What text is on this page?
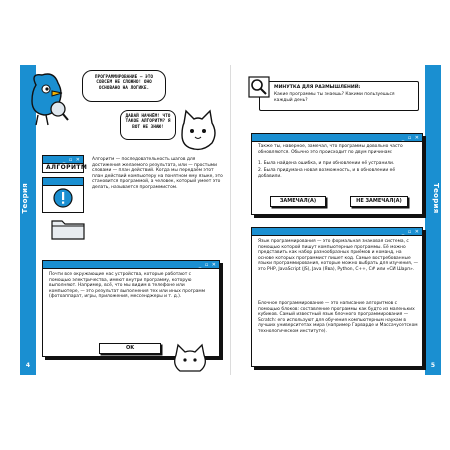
Теория
4
ПРОГРАММИРОВАНИЕ — ЭТО СОВСЕМ НЕ СЛОЖНО! ОНО ОСНОВАНО НА ЛОГИКЕ.
ДАВАЙ НАЧНЁМ! ЧТО ТАКОЕ АЛГОРИТМ? Я ВОТ НЕ ЗНАЮ!
_ ▫ ✕
АЛГОРИТМ
Алгоритм — последовательность шагов для достижения желаемого результата, или — простыми словами — план действий. Когда мы передаём этот план действий компьютеру на понятном ему языке, это становится программой, а человек, который умеет это делать, называется программистом.
_ ▫ ✕
Почти все окружающие нас устройства, которые работают с помощью электричества, имеют внутри программу, которую выполняют. Например, всё, что мы видим в телефоне или компьютере, — это результат выполнения тех или иных программ (фотоаппарат, игры, приложения, мессенджеры и т. д.).
OK
Теория
5
МИНУТКА ДЛЯ РАЗМЫШЛЕНИЙ:
Какие программы ты знаешь? Какими пользуешься каждый день?
_ ▫ ✕
Также ты, наверное, замечал, что программы довольно часто обновляются. Обычно это происходит по двум причинам:
1. Была найдена ошибка, и при обновлении её устранили.
2. Была придумана новая возможность, и в обновлении её добавили.
ЗАМЕЧАЛ(А)	НЕ ЗАМЕЧАЛ(А)
_ ▫ ✕
Язык программирования — это формальная знаковая система, с помощью которой пишут компьютерные программы. Её можно представить как набор разнообразных приёмов и команд, на основе которых программист пишет код. Самые востребованные языки программирования, которые можно выбрать для изучения, — это PHP, JavaScript (JS), Java (Ява), Python, C++, C# или «СИ Шарп».
Блочное программирование — это написание алгоритмов с помощью блоков: составление программы как будто из маленьких кубиков. Самый известный язык блочного программирования — Scratch: его используют для обучения компьютерным наукам в лучших университетах мира (например Гарварде и Массачусетском технологическом институте).
